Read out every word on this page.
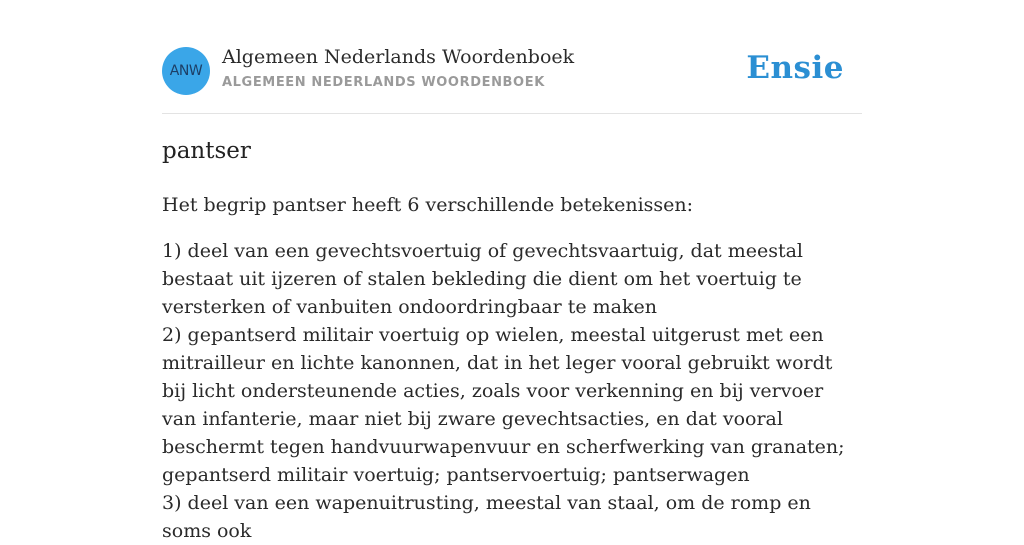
ANW
Algemeen Nederlands Woordenboek
ALGEMEEN NEDERLANDS WOORDENBOEK	Ensie
pantser
Het begrip pantser heeft 6 verschillende betekenissen:
1) deel van een gevechtsvoertuig of gevechtsvaartuig, dat meestal bestaat uit ijzeren of stalen bekleding die dient om het voertuig te versterken of vanbuiten ondoordringbaar te maken
2) gepantserd militair voertuig op wielen, meestal uitgerust met een mitrailleur en lichte kanonnen, dat in het leger vooral gebruikt wordt bij licht ondersteunende acties, zoals voor verkenning en bij vervoer van infanterie, maar niet bij zware gevechtsacties, en dat vooral beschermt tegen handvuurwapenvuur en scherfwerking van granaten; gepantserd militair voertuig; pantservoertuig; pantserwagen
3) deel van een wapenuitrusting, meestal van staal, om de romp en soms ook
